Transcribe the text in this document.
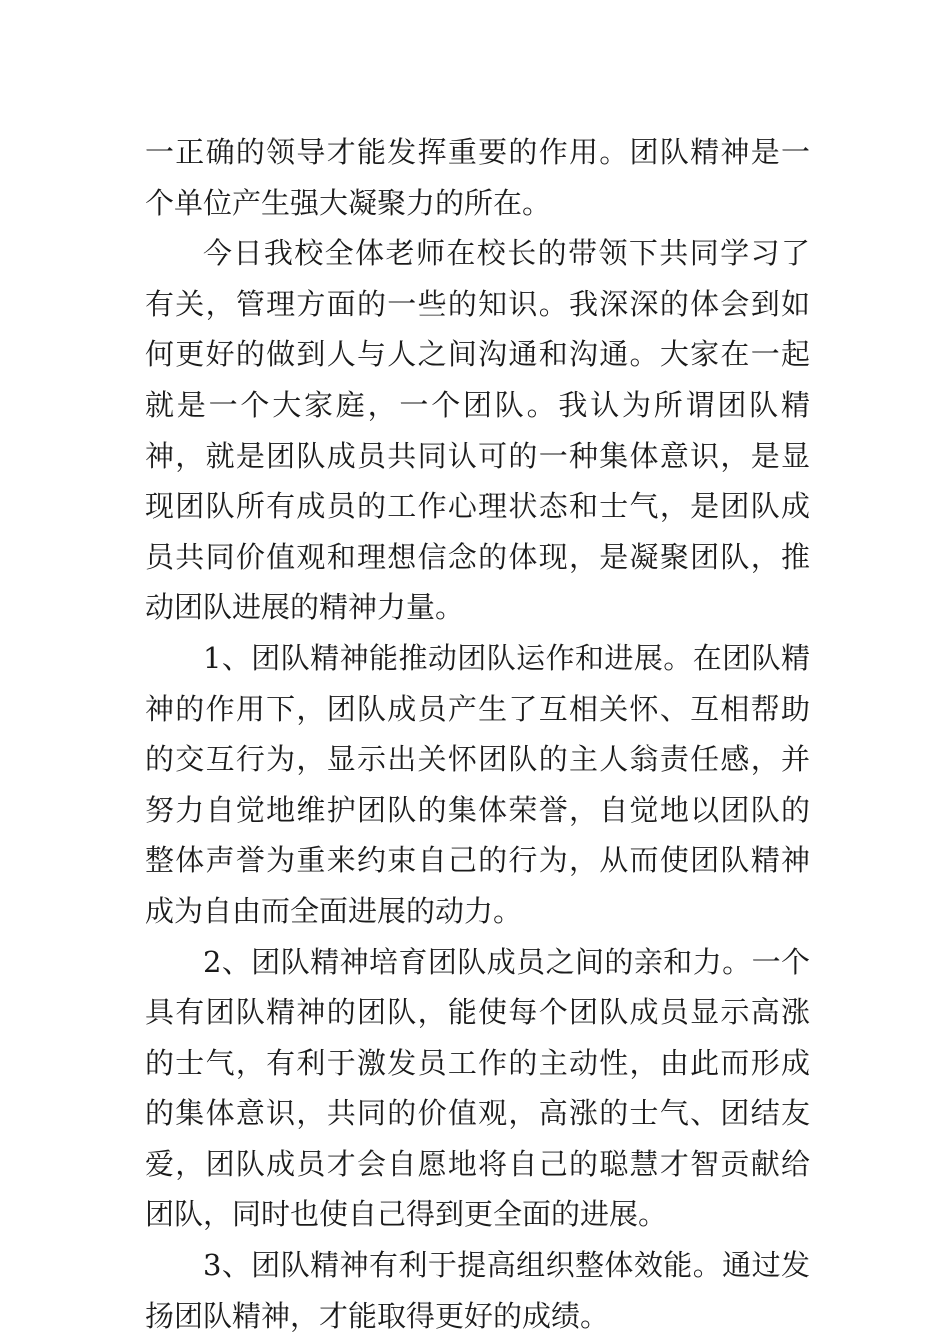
一正确的领导才能发挥重要的作用。团队精神是一个单位产生强大凝聚力的所在。

今日我校全体老师在校长的带领下共同学习了有关，管理方面的一些的知识。我深深的体会到如何更好的做到人与人之间沟通和沟通。大家在一起就是一个大家庭，一个团队。我认为所谓团队精神，就是团队成员共同认可的一种集体意识，是显现团队所有成员的工作心理状态和士气，是团队成员共同价值观和理想信念的体现，是凝聚团队，推动团队进展的精神力量。

1、团队精神能推动团队运作和进展。在团队精神的作用下，团队成员产生了互相关怀、互相帮助的交互行为，显示出关怀团队的主人翁责任感，并努力自觉地维护团队的集体荣誉，自觉地以团队的整体声誉为重来约束自己的行为，从而使团队精神成为自由而全面进展的动力。

2、团队精神培育团队成员之间的亲和力。一个具有团队精神的团队，能使每个团队成员显示高涨的士气，有利于激发员工作的主动性，由此而形成的集体意识，共同的价值观，高涨的士气、团结友爱，团队成员才会自愿地将自己的聪慧才智贡献给团队，同时也使自己得到更全面的进展。

3、团队精神有利于提高组织整体效能。通过发扬团队精神，才能取得更好的成绩。
